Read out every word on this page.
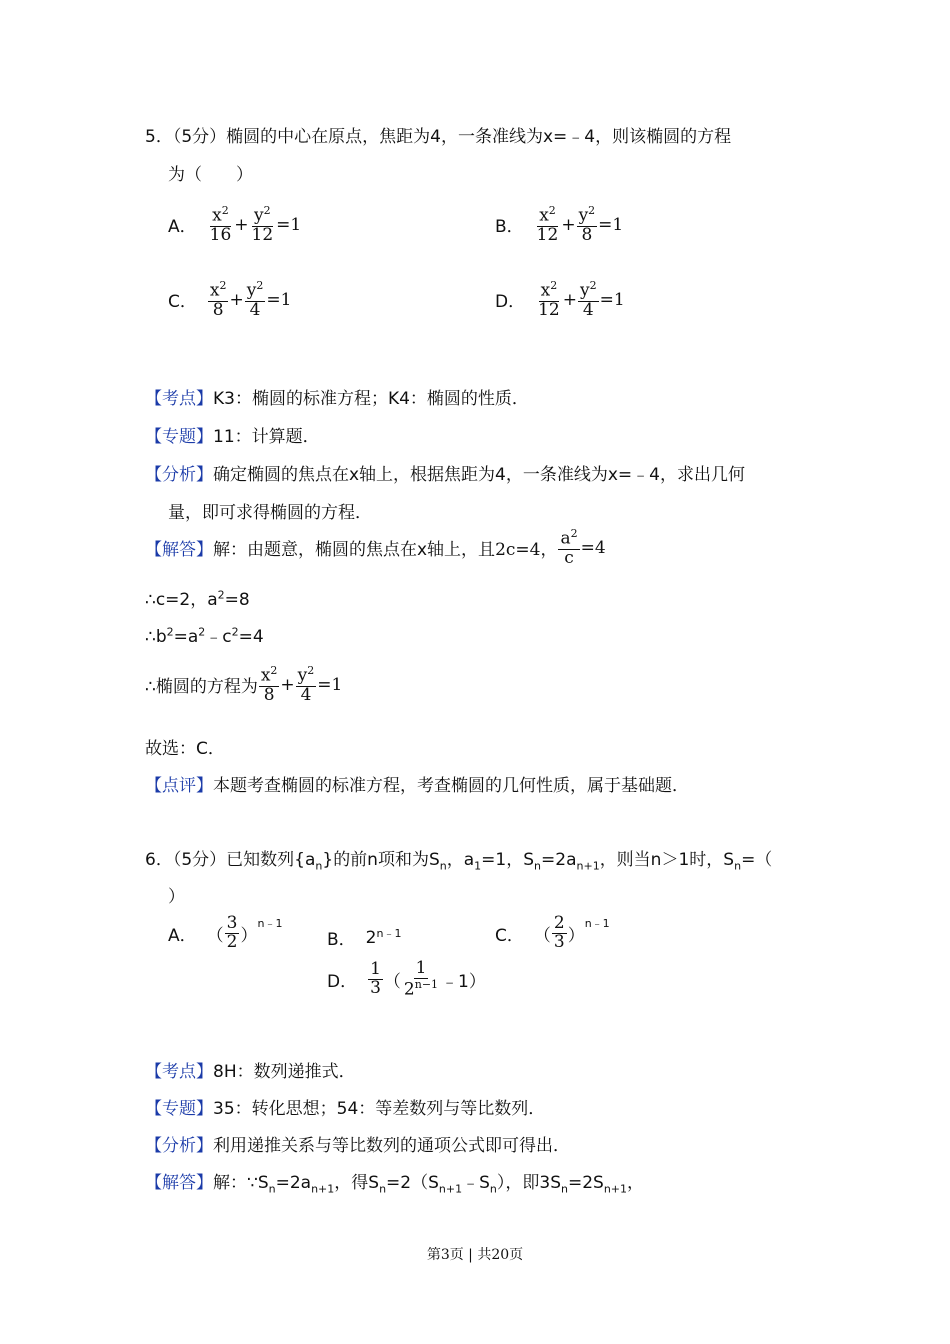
5．（5分）椭圆的中心在原点，焦距为4，一条准线为x=﹣4，则该椭圆的方程
为（　　）
A． $\frac{x^2}{16} + \frac{y^2}{12} =1$	B． $\frac{x^2}{12} + \frac{y^2}{8} =1$
C． $\frac{x^2}{8} + \frac{y^2}{4} =1$	D． $\frac{x^2}{12} + \frac{y^2}{4} =1$
【考点】K3：椭圆的标准方程；K4：椭圆的性质．
【专题】11：计算题．
【分析】确定椭圆的焦点在x轴上，根据焦距为4，一条准线为x=﹣4，求出几何
量，即可求得椭圆的方程．
【解答】 解：由题意，椭圆的焦点在x轴上，且 2c=4， $\frac{a^2}{c} =4$
∴c=2，$a^2=8$
$\therefore b^2=a^2﹣c^2=4$
∴椭圆的方程为 $\frac{x^2}{8} + \frac{y^2}{4} =1$
故选：C．
【点评】本题考查椭圆的标准方程，考查椭圆的几何性质，属于基础题．
6．（5分）已知数列$\{a_n\}$的前n项和为$S_n$，$a_1=1$，$S_n=2a_{n+1}$，则当n＞1时，$S_n=$（
）
A． （ $\frac{3}{2}$ ）
$^{n﹣1}$
B． $2^{n﹣1}$	C． （ $\frac{2}{3}$ ）
$^{n﹣1}$
D． $\frac{1}{3}$ （ $\frac{1}{2^{n-1}}$ ﹣1）
【考点】8H：数列递推式．
【专题】35：转化思想；54：等差数列与等比数列．
【分析】利用递推关系与等比数列的通项公式即可得出．
【解答】解：$\because S_n=2a_{n+1}$，得$S_n=2(S_{n+1}﹣S_n)$，即$3S_n=2S_{n+1}$，
第3页 | 共20页
